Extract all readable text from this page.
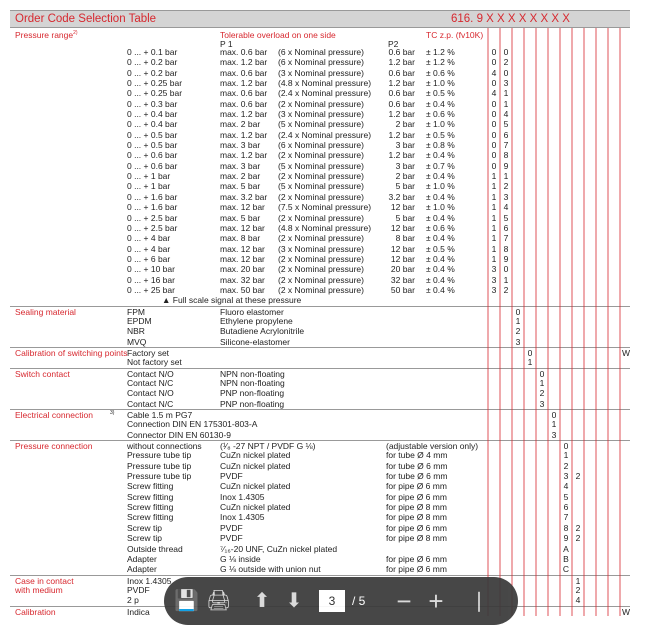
Order Code Selection Table	616. 9 X X X X X X X X
Pressure range$^{2)}$	Tolerable overload on one side	TC z.p. (fv10K)
P 1	P2
0 ... + 0.1 bar	max. 0.6 bar (6 x Nominal pressure)	0.6 bar ± 1.2 %	0 0
0 ... + 0.2 bar	max. 1.2 bar (6 x Nominal pressure)	1.2 bar ± 1.2 %	0 2
0 ... + 0.2 bar	max. 0.6 bar (3 x Nominal pressure)	0.6 bar ± 0.6 %	4 0
0 ... + 0.25 bar	max. 1.2 bar (4.8 x Nominal pressure)	1.2 bar ± 1.0 %	0 3
0 ... + 0.25 bar	max. 0.6 bar (2.4 x Nominal pressure)	0.6 bar ± 0.5 %	4 1
0 ... + 0.3 bar	max. 0.6 bar (2 x Nominal pressure)	0.6 bar ± 0.4 %	0 1
0 ... + 0.4 bar	max. 1.2 bar (3 x Nominal pressure)	1.2 bar ± 0.6 %	0 4
0 ... + 0.4 bar	max. 2 bar (5 x Nominal pressure)	2 bar ± 1.0 %	0 5
0 ... + 0.5 bar	max. 1.2 bar (2.4 x Nominal pressure)	1.2 bar ± 0.5 %	0 6
0 ... + 0.5 bar	max. 3 bar (6 x Nominal pressure)	3 bar ± 0.8 %	0 7
0 ... + 0.6 bar	max. 1.2 bar (2 x Nominal pressure)	1.2 bar ± 0.4 %	0 8
0 ... + 0.6 bar	max. 3 bar (5 x Nominal pressure)	3 bar ± 0.7 %	0 9
0 ... + 1 bar	max. 2 bar (2 x Nominal pressure)	2 bar ± 0.4 %	1 1
0 ... + 1 bar	max. 5 bar (5 x Nominal pressure)	5 bar ± 1.0 %	1 2
0 ... + 1.6 bar	max. 3.2 bar (2 x Nominal pressure)	3.2 bar ± 0.4 %	1 3
0 ... + 1.6 bar	max. 12 bar (7.5 x Nominal pressure)	12 bar ± 1.0 %	1 4
0 ... + 2.5 bar	max. 5 bar (2 x Nominal pressure)	5 bar ± 0.4 %	1 5
0 ... + 2.5 bar	max. 12 bar (4.8 x Nominal pressure)	12 bar ± 0.6 %	1 6
0 ... + 4 bar	max. 8 bar (2 x Nominal pressure)	8 bar ± 0.4 %	1 7
0 ... + 4 bar	max. 12 bar (3 x Nominal pressure)	12 bar ± 0.5 %	1 8
0 ... + 6 bar	max. 12 bar (2 x Nominal pressure)	12 bar ± 0.4 %	1 9
0 ... + 10 bar	max. 20 bar (2 x Nominal pressure)	20 bar ± 0.4 %	3 0
0 ... + 16 bar	max. 32 bar (2 x Nominal pressure)	32 bar ± 0.4 %	3 1
0 ... + 25 bar	max. 50 bar (2 x Nominal pressure)	50 bar ± 0.4 %	3 2
▲ Full scale signal at these pressure
Sealing material	FPM	Fluoro elastomer	0
EPDM	Ethylene propylene	1
NBR	Butadiene Acrylonitrile	2
MVQ	Silicone-elastomer	3
Calibration of switching points Factory set	0	W
Not factory set	1
Switch contact	Contact N/O	NPN non-floating	0
Contact N/C	NPN non-floating	1
Contact N/O	PNP non-floating	2
Contact N/C	PNP non-floating	3
Electrical connection	3) Cable 1.5 m PG7	0
Connection DIN EN 175301-803-A	1
Connector DIN EN 60130-9	3
Pressure connection	without connections (¹⁄₈ -27 NPT / PVDF G ⅛)	(adjustable version only)	0
Pressure tube tip	CuZn nickel plated	for tube Ø 4 mm	1
Pressure tube tip	CuZn nickel plated	for tube Ø 6 mm	2
Pressure tube tip	PVDF	for tube Ø 6 mm	3 2
Screw fitting	CuZn nickel plated	for pipe Ø 6 mm	4
Screw fitting	Inox 1.4305	for pipe Ø 6 mm	5
Screw fitting	CuZn nickel plated	for pipe Ø 8 mm	6
Screw fitting	Inox 1.4305	for pipe Ø 8 mm	7
Screw tip	PVDF	for pipe Ø 6 mm	8 2
Screw tip	PVDF	for pipe Ø 8 mm	9 2
Outside thread	⁷⁄₁₆-20 UNF, CuZn nickel plated	A
Adapter	G ⅛ inside	for pipe Ø 6 mm	B
Adapter	G ⅛ outside with union nut	for pipe Ø 6 mm	C
Case in contact	Inox 1.4305	1
with medium	PVDF	2
2 p	4
Calibration	Indica	W
💾 🖨 ⬆ ⬇	3	/ 5 − + ❘
